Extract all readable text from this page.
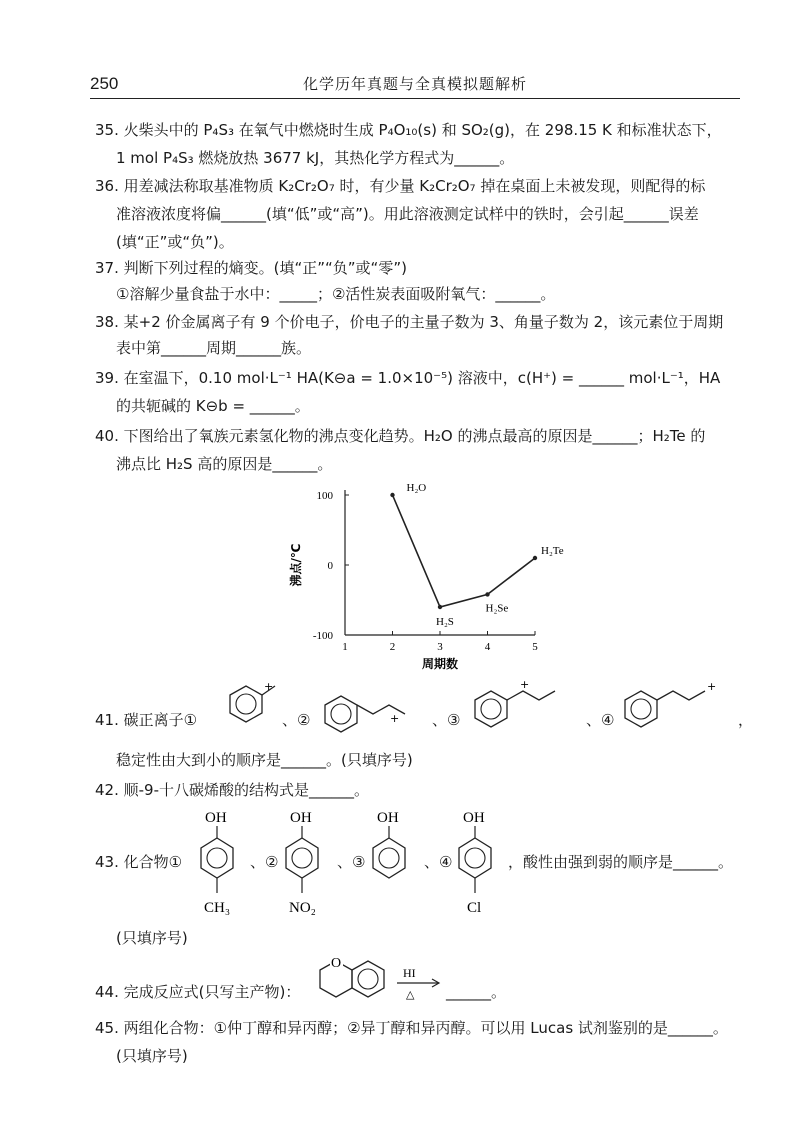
250	化学历年真题与全真模拟题解析
35. 火柴头中的 P₄S₃ 在氧气中燃烧时生成 P₄O₁₀(s) 和 SO₂(g)，在 298.15 K 和标准状态下，
1 mol P₄S₃ 燃烧放热 3677 kJ，其热化学方程式为______。
36. 用差减法称取基准物质 K₂Cr₂O₇ 时，有少量 K₂Cr₂O₇ 掉在桌面上未被发现，则配得的标
准溶液浓度将偏______(填“低”或“高”)。用此溶液测定试样中的铁时，会引起______误差
(填“正”或“负”)。
37. 判断下列过程的熵变。(填“正”“负”或“零”)
①溶解少量食盐于水中：_____；②活性炭表面吸附氧气：______。
38. 某+2 价金属离子有 9 个价电子，价电子的主量子数为 3、角量子数为 2，该元素位于周期
表中第______周期______族。
39. 在室温下，0.10 mol·L⁻¹ HA(K⊖a = 1.0×10⁻⁵) 溶液中，c(H⁺) = ______ mol·L⁻¹，HA
的共轭碱的 K⊖b = ______。
40. 下图给出了氧族元素氢化物的沸点变化趋势。H₂O 的沸点最高的原因是______；H₂Te 的
沸点比 H₂S 高的原因是______。
1	2	3	4	5
100
0
-100
H₂O
H₂S
H₂Se
H₂Te
周期数
沸点/℃
41. 碳正离子①
+
、②	+ 、③
+
、④
+
，
稳定性由大到小的顺序是______。(只填序号)
42. 顺-9-十八碳烯酸的结构式是______。
43. 化合物①
OH
CH₃
、②
OH
NO₂
、③
OH
、④
OH
Cl
，酸性由强到弱的顺序是______。
(只填序号)
44. 完成反应式(只写主产物)：
O
HI
△ ______。
45. 两组化合物：①仲丁醇和异丙醇；②异丁醇和异丙醇。可以用 Lucas 试剂鉴别的是______。
(只填序号)
